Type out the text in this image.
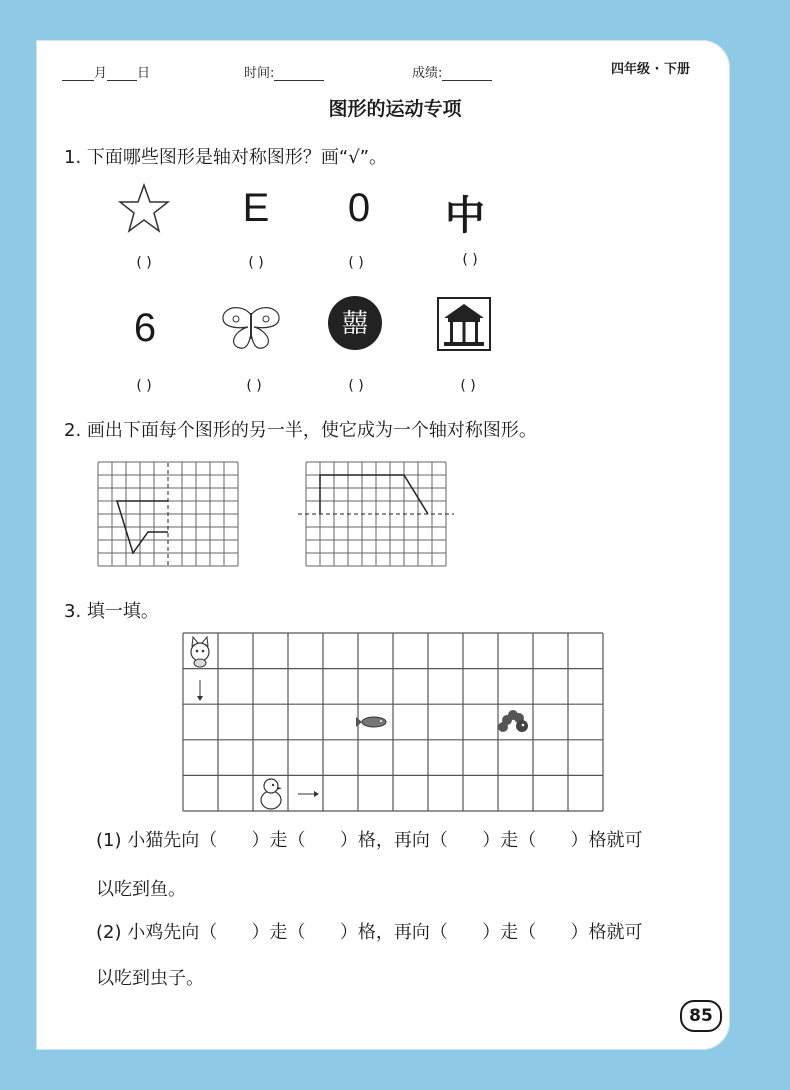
月 日	时间:	成绩:	四年级 · 下册
图形的运动专项
1. 下面哪些图形是轴对称图形？画“√”。
E	0	中
( )	( )	( )	( )
6	囍
( )	( )	( )	( )
2. 画出下面每个图形的另一半，使它成为一个轴对称图形。
3. 填一填。
(1) 小猫先向（      ）走（      ）格，再向（      ）走（      ）格就可
以吃到鱼。
(2) 小鸡先向（      ）走（      ）格，再向（      ）走（      ）格就可
以吃到虫子。
85
